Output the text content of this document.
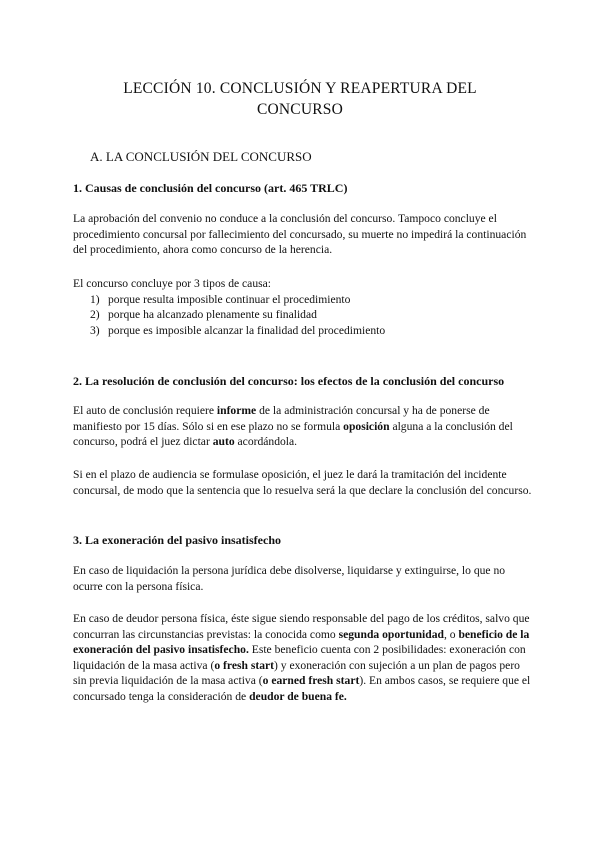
LECCIÓN 10. CONCLUSIÓN Y REAPERTURA DEL
CONCURSO
A. LA CONCLUSIÓN DEL CONCURSO
1. Causas de conclusión del concurso (art. 465 TRLC)
La aprobación del convenio no conduce a la conclusión del concurso. Tampoco concluye el procedimiento concursal por fallecimiento del concursado, su muerte no impedirá la continuación del procedimiento, ahora como concurso de la herencia.
El concurso concluye por 3 tipos de causa:
1) porque resulta imposible continuar el procedimiento
2) porque ha alcanzado plenamente su finalidad
3) porque es imposible alcanzar la finalidad del procedimiento
2. La resolución de conclusión del concurso: los efectos de la conclusión del concurso
El auto de conclusión requiere informe de la administración concursal y ha de ponerse de manifiesto por 15 días. Sólo si en ese plazo no se formula oposición alguna a la conclusión del concurso, podrá el juez dictar auto acordándola.
Si en el plazo de audiencia se formulase oposición, el juez le dará la tramitación del incidente concursal, de modo que la sentencia que lo resuelva será la que declare la conclusión del concurso.
3. La exoneración del pasivo insatisfecho
En caso de liquidación la persona jurídica debe disolverse, liquidarse y extinguirse, lo que no ocurre con la persona física.
En caso de deudor persona física, éste sigue siendo responsable del pago de los créditos, salvo que concurran las circunstancias previstas: la conocida como segunda oportunidad, o beneficio de la exoneración del pasivo insatisfecho. Este beneficio cuenta con 2 posibilidades: exoneración con liquidación de la masa activa (o fresh start) y exoneración con sujeción a un plan de pagos pero sin previa liquidación de la masa activa (o earned fresh start). En ambos casos, se requiere que el concursado tenga la consideración de deudor de buena fe.
